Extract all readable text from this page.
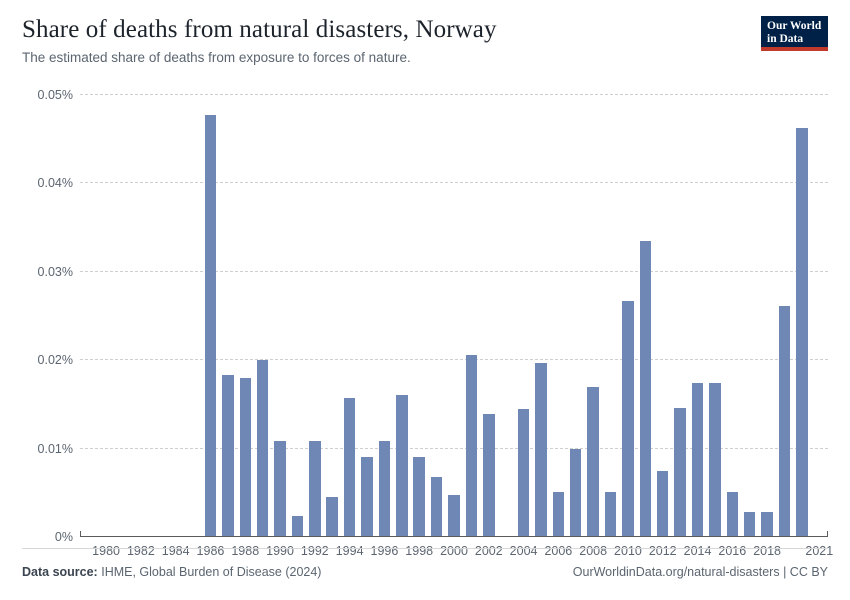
Share of deaths from natural disasters, Norway

The estimated share of deaths from exposure to forces of nature.

Our World
in Data
0%
0.01%
0.02%
0.03%
0.04%
0.05%
1980 1982 1984 1986 1988 1990 1992 1994 1996 1998 2000 2002 2004 2006 2008 2010 2012 2014 2016 2018 2021
Data source: IHME, Global Burden of Disease (2024)	OurWorldinData.org/natural-disasters | CC BY
